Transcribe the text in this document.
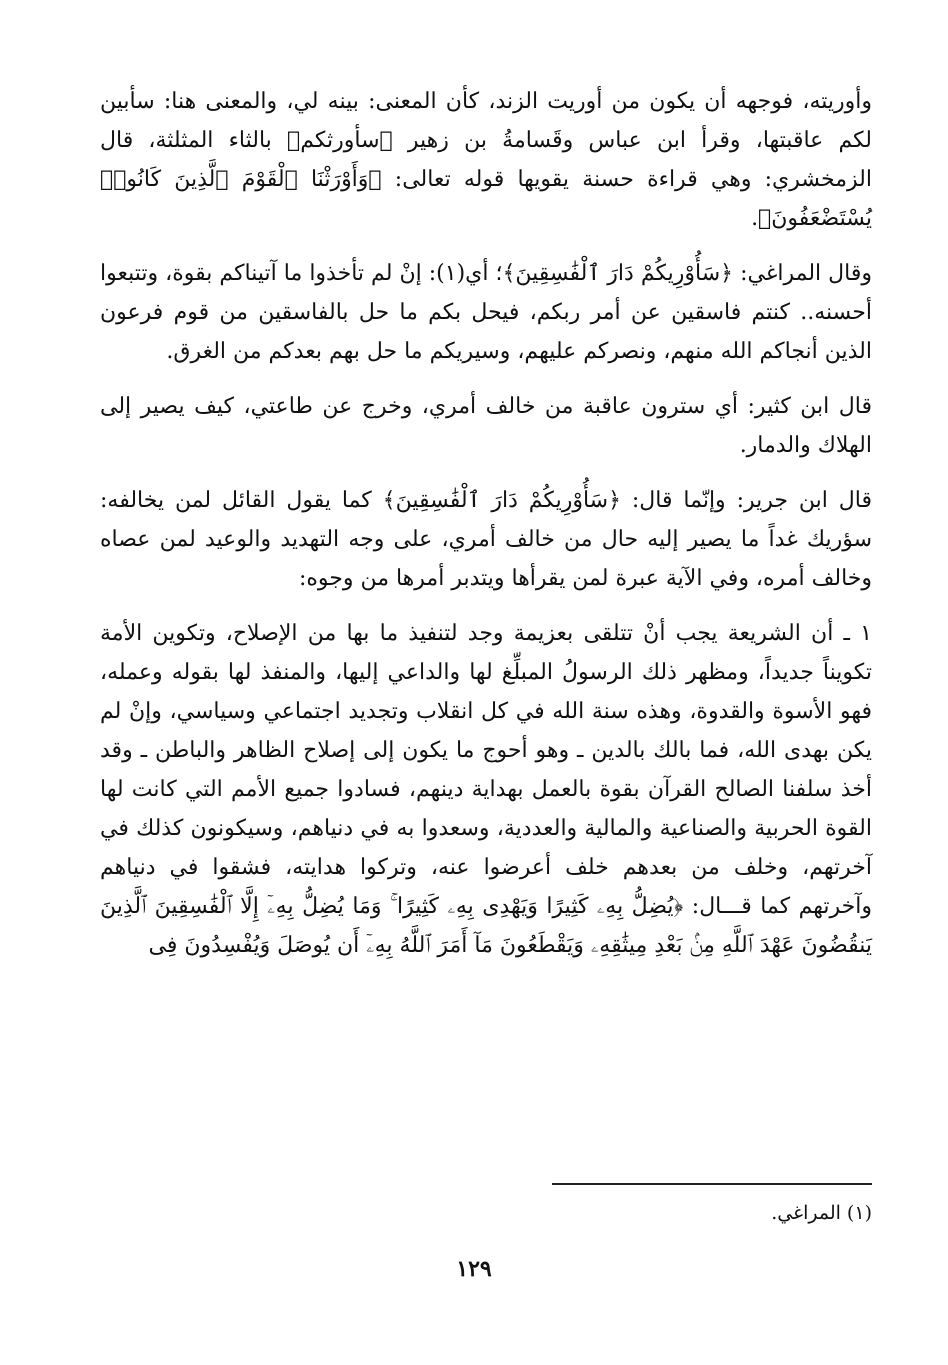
وأوريته، فوجهه أن يكون من أوريت الزند، كأن المعنى: بينه لي، والمعنى هنا: سأبين لكم عاقبتها، وقرأ ابن عباس وقَسامةُ بن زهير ﴿سأورثكم﴾ بالثاء المثلثة، قال الزمخشري: وهي قراءة حسنة يقويها قوله تعالى: ﴿وَأَوْرَثْنَا ٱلْقَوْمَ ٱلَّذِينَ كَانُوا۟ يُسْتَضْعَفُونَ﴾.

وقال المراغي: ﴿سَأُوْرِيكُمْ دَارَ ٱلْفَٰسِقِينَ﴾؛ أي(١): إنْ لم تأخذوا ما آتيناكم بقوة، وتتبعوا أحسنه.. كنتم فاسقين عن أمر ربكم، فيحل بكم ما حل بالفاسقين من قوم فرعون الذين أنجاكم الله منهم، ونصركم عليهم، وسيريكم ما حل بهم بعدكم من الغرق.

قال ابن كثير: أي سترون عاقبة من خالف أمري، وخرج عن طاعتي، كيف يصير إلى الهلاك والدمار.

قال ابن جرير: وإنّما قال: ﴿سَأُوْرِيكُمْ دَارَ ٱلْفَٰسِقِينَ﴾ كما يقول القائل لمن يخالفه: سؤريك غداً ما يصير إليه حال من خالف أمري، على وجه التهديد والوعيد لمن عصاه وخالف أمره، وفي الآية عبرة لمن يقرأها ويتدبر أمرها من وجوه:

١ ـ أن الشريعة يجب أنْ تتلقى بعزيمة وجد لتنفيذ ما بها من الإصلاح، وتكوين الأمة تكويناً جديداً، ومظهر ذلك الرسولُ المبلِّغ لها والداعي إليها، والمنفذ لها بقوله وعمله، فهو الأسوة والقدوة، وهذه سنة الله في كل انقلاب وتجديد اجتماعي وسياسي، وإنْ لم يكن بهدى الله، فما بالك بالدين ـ وهو أحوج ما يكون إلى إصلاح الظاهر والباطن ـ وقد أخذ سلفنا الصالح القرآن بقوة بالعمل بهداية دينهم، فسادوا جميع الأمم التي كانت لها القوة الحربية والصناعية والمالية والعددية، وسعدوا به في دنياهم، وسيكونون كذلك في آخرتهم، وخلف من بعدهم خلف أعرضوا عنه، وتركوا هدايته، فشقوا في دنياهم وآخرتهم كما قـــال: ﴿يُضِلُّ بِهِۦ كَثِيرًا وَيَهْدِى بِهِۦ كَثِيرًا ۚ وَمَا يُضِلُّ بِهِۦٓ إِلَّا ٱلْفَٰسِقِينَ ٱلَّذِينَ يَنقُضُونَ عَهْدَ ٱللَّهِ مِنۢ بَعْدِ مِيثَٰقِهِۦ وَيَقْطَعُونَ مَآ أَمَرَ ٱللَّهُ بِهِۦٓ أَن يُوصَلَ وَيُفْسِدُونَ فِى

(١) المراغي.
١٢٩
